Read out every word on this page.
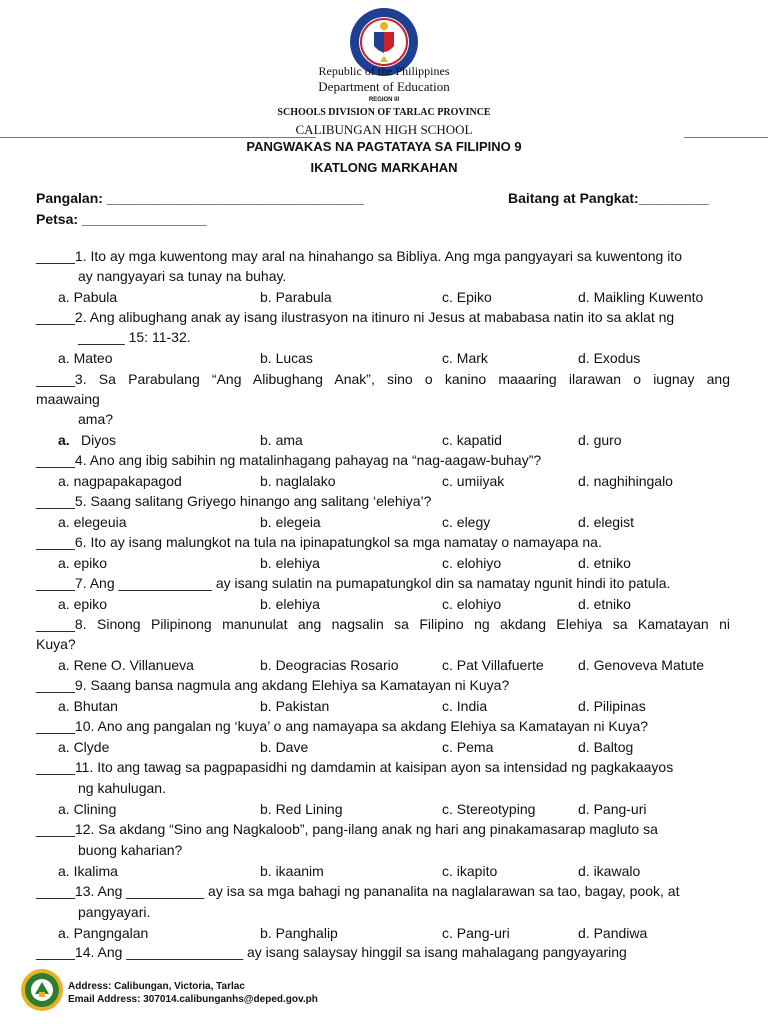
Republic of the Philippines
Department of Education
REGION III
SCHOOLS DIVISION OF TARLAC PROVINCE
CALIBUNGAN HIGH SCHOOL
PANGWAKAS NA PAGTATAYA SA FILIPINO 9
IKATLONG MARKAHAN
Pangalan: _________________________________	Baitang at Pangkat:_________
Petsa: ________________
_____1. Ito ay mga kuwentong may aral na hinahango sa Bibliya. Ang mga pangyayari sa kuwentong ito
ay nangyayari sa tunay na buhay.
a. Pabula	b. Parabula	c. Epiko	d. Maikling Kuwento
_____2. Ang alibughang anak ay isang ilustrasyon na itinuro ni Jesus at mababasa natin ito sa aklat ng
______ 15: 11-32.
a. Mateo	b. Lucas	c. Mark	d. Exodus
_____3. Sa Parabulang “Ang Alibughang Anak”, sino o kanino maaaring ilarawan o iugnay ang
maawaing
ama?
a. Diyos	b. ama	c. kapatid	d. guro
_____4. Ano ang ibig sabihin ng matalinhagang pahayag na “nag-aagaw-buhay”?
a. nagpapakapagod	b. naglalako	c. umiiyak	d. naghihingalo
_____5. Saang salitang Griyego hinango ang salitang ‘elehiya’?
a. elegeuia	b. elegeia	c. elegy	d. elegist
_____6. Ito ay isang malungkot na tula na ipinapatungkol sa mga namatay o namayapa na.
a. epiko	b. elehiya	c. elohiyo	d. etniko
_____7. Ang ____________ ay isang sulatin na pumapatungkol din sa namatay ngunit hindi ito patula.
a. epiko	b. elehiya	c. elohiyo	d. etniko
_____8. Sinong Pilipinong manunulat ang nagsalin sa Filipino ng akdang Elehiya sa Kamatayan ni
Kuya?
a. Rene O. Villanueva	b. Deogracias Rosario	c. Pat Villafuerte d. Genoveva Matute
_____9. Saang bansa nagmula ang akdang Elehiya sa Kamatayan ni Kuya?
a. Bhutan	b. Pakistan	c. India	d. Pilipinas
_____10. Ano ang pangalan ng ‘kuya’ o ang namayapa sa akdang Elehiya sa Kamatayan ni Kuya?
a. Clyde	b. Dave	c. Pema	d. Baltog
_____11. Ito ang tawag sa pagpapasidhi ng damdamin at kaisipan ayon sa intensidad ng pagkakaayos
ng kahulugan.
a. Clining	b. Red Lining	c. Stereotyping	d. Pang-uri
_____12. Sa akdang “Sino ang Nagkaloob”, pang-ilang anak ng hari ang pinakamasarap magluto sa
buong kaharian?
a. Ikalima	b. ikaanim	c. ikapito	d. ikawalo
_____13. Ang __________ ay isa sa mga bahagi ng pananalita na naglalarawan sa tao, bagay, pook, at
pangyayari.
a. Pangngalan	b. Panghalip	c. Pang-uri	d. Pandiwa
_____14. Ang _______________ ay isang salaysay hinggil sa isang mahalagang pangyayaring
Address: Calibungan, Victoria, Tarlac
Email Address: 307014.calibunganhs@deped.gov.ph
